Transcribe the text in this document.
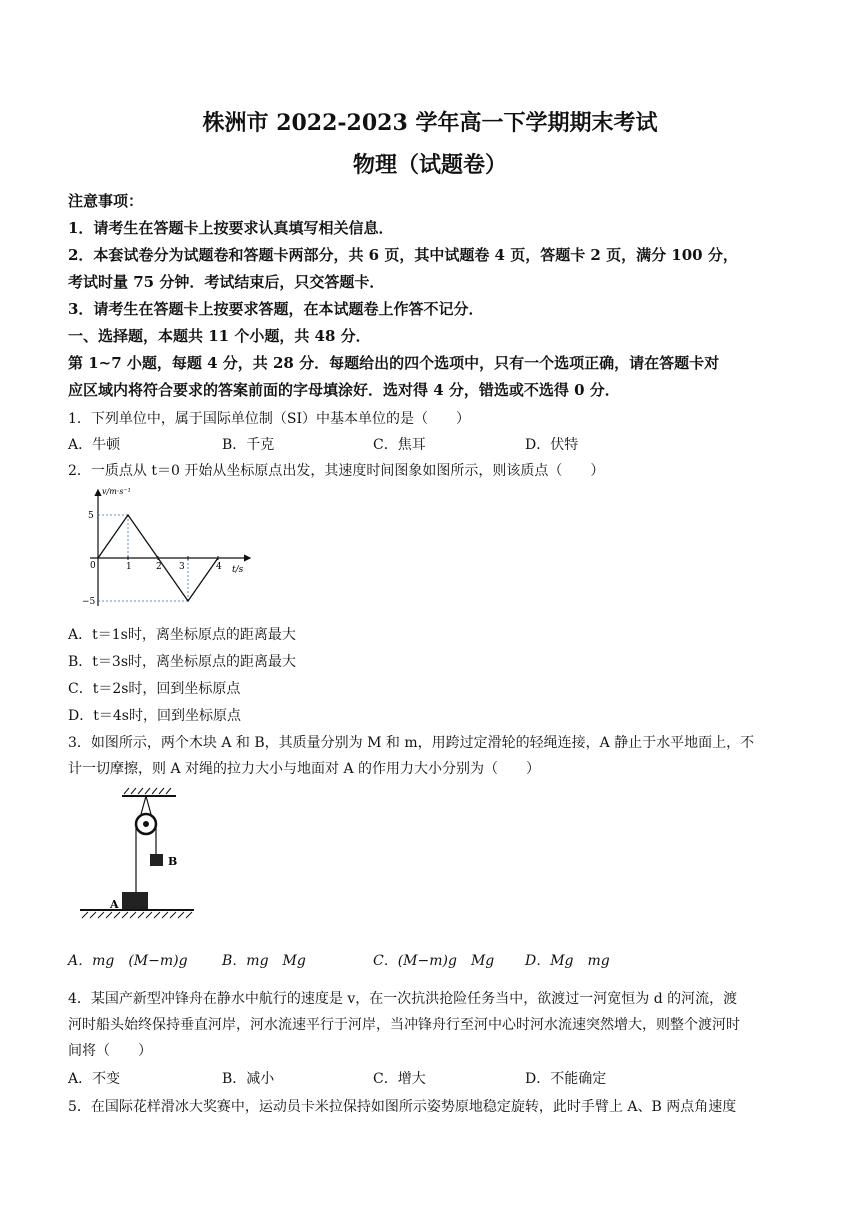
株洲市 2022-2023 学年高一下学期期末考试
物理（试题卷）
注意事项：
1．请考生在答题卡上按要求认真填写相关信息．
2．本套试卷分为试题卷和答题卡两部分，共 6 页，其中试题卷 4 页，答题卡 2 页，满分 100 分，
考试时量 75 分钟．考试结束后，只交答题卡．
3．请考生在答题卡上按要求答题，在本试题卷上作答不记分．
一、选择题，本题共 11 个小题，共 48 分．
第 1~7 小题，每题 4 分，共 28 分．每题给出的四个选项中，只有一个选项正确，请在答题卡对
应区域内将符合要求的答案前面的字母填涂好．选对得 4 分，错选或不选得 0 分．
1．下列单位中，属于国际单位制（SI）中基本单位的是（　　）
A．牛顿	B．千克	C．焦耳	D．伏特
2．一质点从 t＝0 开始从坐标原点出发，其速度时间图象如图所示，则该质点（　　）
v/m·s⁻¹
t/s
0
5
−5
1	2 3	4
A．t＝1s时，离坐标原点的距离最大
B．t＝3s时，离坐标原点的距离最大
C．t＝2s时，回到坐标原点
D．t＝4s时，回到坐标原点
3．如图所示，两个木块 A 和 B，其质量分别为 M 和 m，用跨过定滑轮的轻绳连接，A 静止于水平地面上，不
计一切摩擦，则 A 对绳的拉力大小与地面对 A 的作用力大小分别为（　　）
B
A
A．mg　(M−m)g B．mg　Mg	C．(M−m)g　Mg D．Mg　mg
4．某国产新型冲锋舟在静水中航行的速度是 v，在一次抗洪抢险任务当中，欲渡过一河宽恒为 d 的河流，渡
河时船头始终保持垂直河岸，河水流速平行于河岸，当冲锋舟行至河中心时河水流速突然增大，则整个渡河时
间将（　　）
A．不变	B．减小	C．增大	D．不能确定
5．在国际花样滑冰大奖赛中，运动员卡米拉保持如图所示姿势原地稳定旋转，此时手臂上 A、B 两点角速度
